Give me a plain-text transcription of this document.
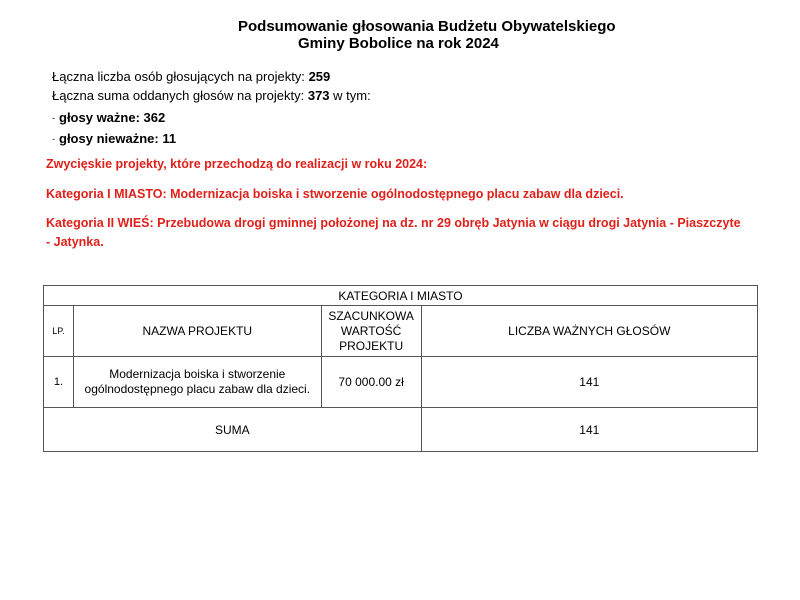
Podsumowanie głosowania Budżetu Obywatelskiego
Gminy Bobolice na rok 2024
Łączna liczba osób głosujących na projekty: 259
Łączna suma oddanych głosów na projekty: 373 w tym:
- głosy ważne: 362
- głosy nieważne: 11
Zwycięskie projekty, które przechodzą do realizacji w roku 2024:
Kategoria I MIASTO: Modernizacja boiska i stworzenie ogólnodostępnego placu zabaw dla dzieci.
Kategoria II WIEŚ: Przebudowa drogi gminnej położonej na dz. nr 29 obręb Jatynia w ciągu drogi Jatynia - Piaszczyte - Jatynka.
KATEGORIA I MIASTO			
LP.	NAZWA PROJEKTU	SZACUNKOWA WARTOŚĆ PROJEKTU	LICZBA WAŻNYCH GŁOSÓW
1.	Modernizacja boiska i stworzenie ogólnodostępnego placu zabaw dla dzieci.	70 000.00 zł	141
SUMA			141
